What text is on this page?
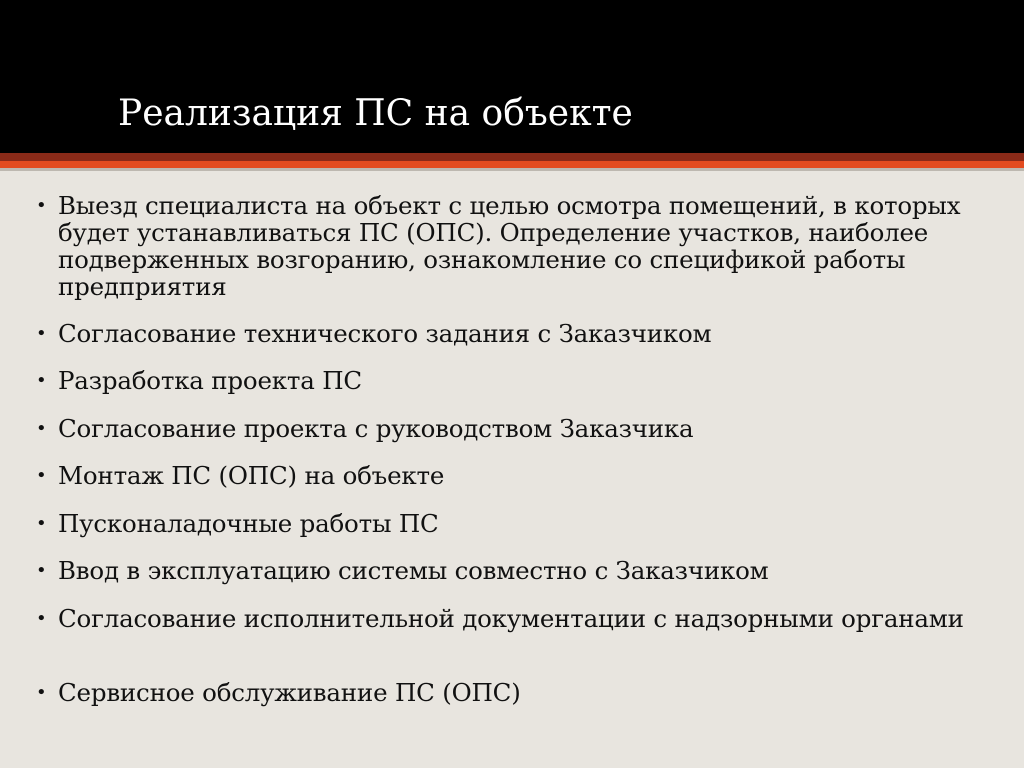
Реализация ПС на объекте
• Выезд специалиста на объект с целью осмотра помещений, в которых будет устанавливаться ПС (ОПС). Определение участков, наиболее подверженных возгоранию, ознакомление со спецификой работы предприятия
• Согласование технического задания с Заказчиком
• Разработка проекта ПС
• Согласование проекта с руководством Заказчика
• Монтаж ПС (ОПС) на объекте
• Пусконаладочные работы ПС
• Ввод в эксплуатацию системы совместно с Заказчиком
• Согласование исполнительной документации с надзорными органами
• Сервисное обслуживание ПС (ОПС)
